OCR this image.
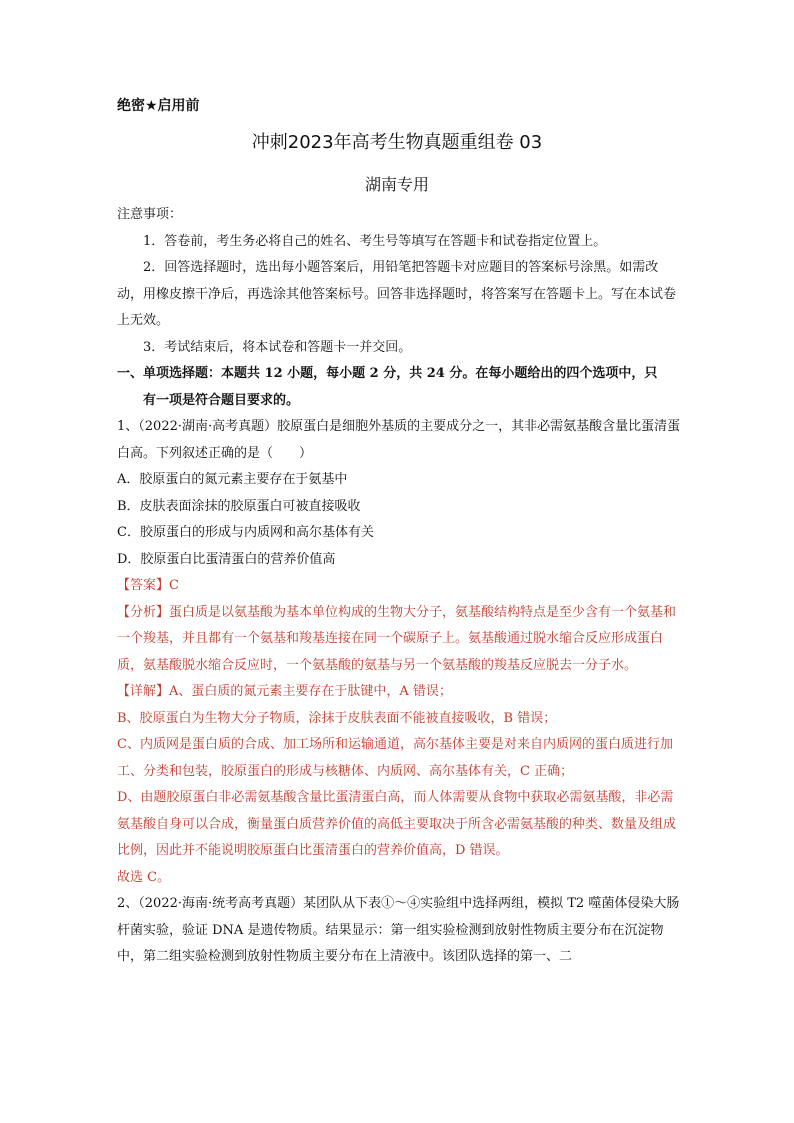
绝密★启用前
冲刺2023年高考生物真题重组卷 03
湖南专用

注意事项：

1．答卷前，考生务必将自己的姓名、考生号等填写在答题卡和试卷指定位置上。

2．回答选择题时，选出每小题答案后，用铅笔把答题卡对应题目的答案标号涂黑。如需改动，用橡皮擦干净后，再选涂其他答案标号。回答非选择题时，将答案写在答题卡上。写在本试卷上无效。

3．考试结束后，将本试卷和答题卡一并交回。

一、单项选择题：本题共 12 小题，每小题 2 分，共 24 分。在每小题给出的四个选项中，只

有一项是符合题目要求的。

1、（2022·湖南·高考真题）胶原蛋白是细胞外基质的主要成分之一，其非必需氨基酸含量比蛋清蛋白高。下列叙述正确的是（　　）

A．胶原蛋白的氮元素主要存在于氨基中

B．皮肤表面涂抹的胶原蛋白可被直接吸收

C．胶原蛋白的形成与内质网和高尔基体有关

D．胶原蛋白比蛋清蛋白的营养价值高

【答案】C

【分析】蛋白质是以氨基酸为基本单位构成的生物大分子，氨基酸结构特点是至少含有一个氨基和一个羧基，并且都有一个氨基和羧基连接在同一个碳原子上。氨基酸通过脱水缩合反应形成蛋白质，氨基酸脱水缩合反应时，一个氨基酸的氨基与另一个氨基酸的羧基反应脱去一分子水。

【详解】A、蛋白质的氮元素主要存在于肽键中，A 错误；

B、胶原蛋白为生物大分子物质，涂抹于皮肤表面不能被直接吸收，B 错误；

C、内质网是蛋白质的合成、加工场所和运输通道，高尔基体主要是对来自内质网的蛋白质进行加工、分类和包装，胶原蛋白的形成与核糖体、内质网、高尔基体有关，C 正确；

D、由题胶原蛋白非必需氨基酸含量比蛋清蛋白高，而人体需要从食物中获取必需氨基酸，非必需氨基酸自身可以合成，衡量蛋白质营养价值的高低主要取决于所含必需氨基酸的种类、数量及组成比例，因此并不能说明胶原蛋白比蛋清蛋白的营养价值高，D 错误。

故选 C。

2、（2022·海南·统考高考真题）某团队从下表①～④实验组中选择两组，模拟 T2 噬菌体侵染大肠杆菌实验，验证 DNA 是遗传物质。结果显示：第一组实验检测到放射性物质主要分布在沉淀物中，第二组实验检测到放射性物质主要分布在上清液中。该团队选择的第一、二
